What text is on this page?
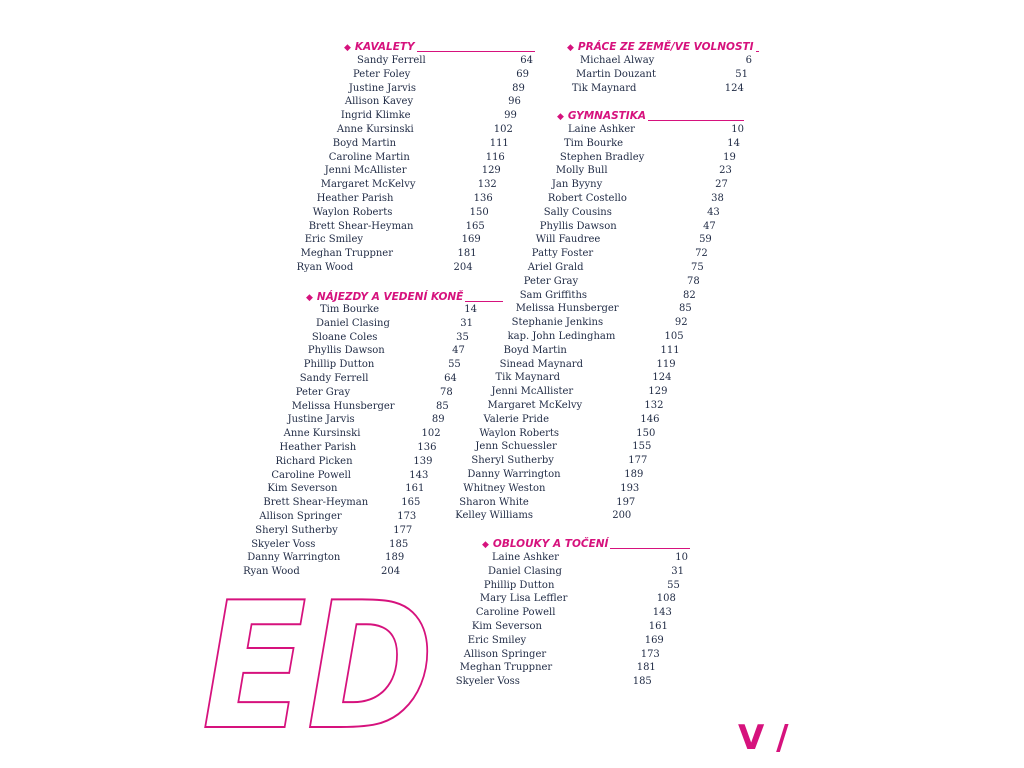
◆ KAVALETY
Sandy Ferrell	64
Peter Foley	69
Justine Jarvis	89
Allison Kavey	96
Ingrid Klimke	99
Anne Kursinski	102
Boyd Martin	111
Caroline Martin	116
Jenni McAllister	129
Margaret McKelvy	132
Heather Parish	136
Waylon Roberts	150
Brett Shear-Heyman	165
Eric Smiley	169
Meghan Truppner	181
Ryan Wood	204
◆ NÁJEZDY A VEDENÍ KONĚ
Tim Bourke	14
Daniel Clasing	31
Sloane Coles	35
Phyllis Dawson	47
Phillip Dutton	55
Sandy Ferrell	64
Peter Gray	78
Melissa Hunsberger	85
Justine Jarvis	89
Anne Kursinski	102
Heather Parish	136
Richard Picken	139
Caroline Powell	143
Kim Severson	161
Brett Shear-Heyman	165
Allison Springer	173
Sheryl Sutherby	177
Skyeler Voss	185
Danny Warrington	189
Ryan Wood	204
◆ PRÁCE ZE ZEMĚ/VE VOLNOSTI
Michael Alway	6
Martin Douzant	51
Tik Maynard	124
◆ GYMNASTIKA
Laine Ashker	10
Tim Bourke	14
Stephen Bradley	19
Molly Bull	23
Jan Byyny	27
Robert Costello	38
Sally Cousins	43
Phyllis Dawson	47
Will Faudree	59
Patty Foster	72
Ariel Grald	75
Peter Gray	78
Sam Griffiths	82
Melissa Hunsberger	85
Stephanie Jenkins	92
kap. John Ledingham	105
Boyd Martin	111
Sinead Maynard	119
Tik Maynard	124
Jenni McAllister	129
Margaret McKelvy	132
Valerie Pride	146
Waylon Roberts	150
Jenn Schuessler	155
Sheryl Sutherby	177
Danny Warrington	189
Whitney Weston	193
Sharon White	197
Kelley Williams	200
◆ OBLOUKY A TOČENÍ
Laine Ashker	10
Daniel Clasing	31
Phillip Dutton	55
Mary Lisa Leffler	108
Caroline Powell	143
Kim Severson	161
Eric Smiley	169
Allison Springer	173
Meghan Truppner	181
Skyeler Voss	185
ED	V /
